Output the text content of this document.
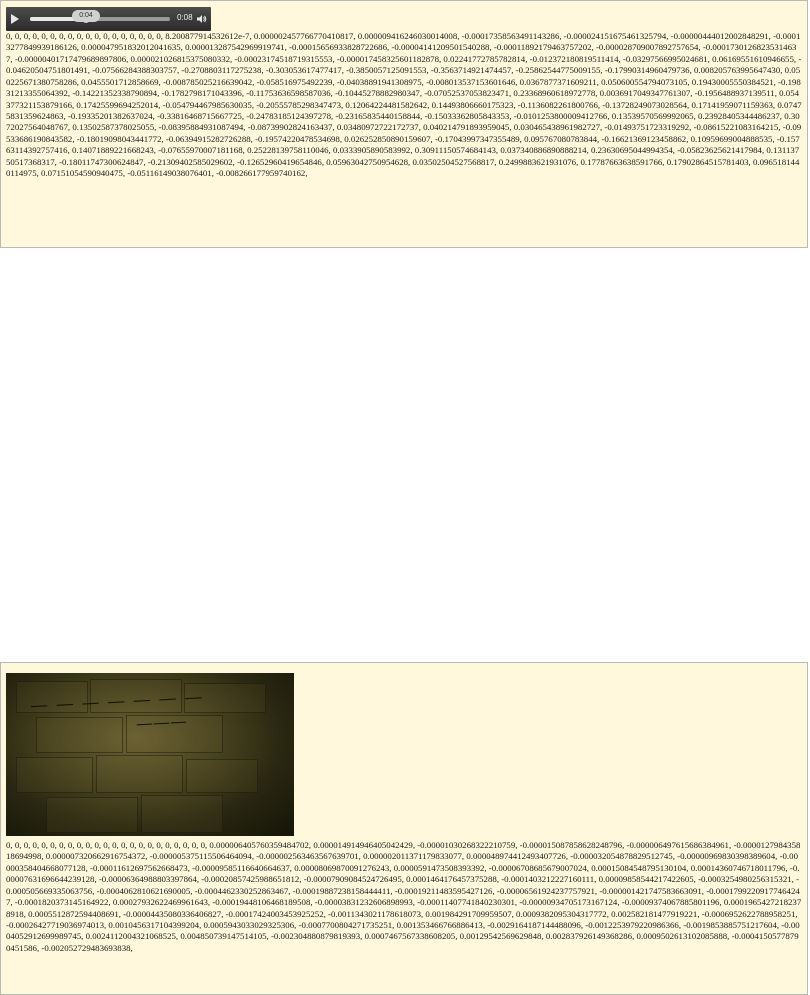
0:04	0:08

0, 0, 0, 0, 0, 0, 0, 0, 0, 0, 0, 0, 0, 0, 0, 0, 0, 0, 8.200877914532612e-7, 0.000002457766770410817, 0.000009416246030014008, -0.00017358563491143286, -0.000024151675461325794, -0.00000444012002848291, -0.00013277849939186126, 0.000047951832012041635, 0.000013287542969919741, -0.00015656933828722686, -0.00004141209501540288, -0.00011892179463757202, -0.000028709007892757654, -0.00017301268235314637, -0.00000401717479689897806, 0.000021026815375080332, -0.00023174518719315553, -0.000017458325601182878, 0.02241772785782814, -0.012372180819511414, -0.03297566995024681, 0.06169551610946655, -0.04620504751801491, -0.07566284388303757, -0.2708803117275238, -0.303053617477417, -0.3850057125091553, -0.3563714921474457, -0.25862544775009155, -0.17990314960479736, 0.008205763995647430, 0.050225671380758286, 0.0455501712858669, -0.00878502521663904​2, -0.058516975492239, -0.04038891941308975, -0.008013537153601646, 0.0367877371609211, 0.050600554794073105, 0.19430005550384521, -0.19831213355064392, -0.14221352338790894, -0.1782798171043396, -0.11753636598587036, -0.10445278882980347, -0.07052537053823471, 0.23368960618972778, 0.003691704934776130​7, -0.1956488937139511, 0.05437732115387916​6, 0.17425599694252014, -0.054794467985630035, -0.20555785298347473, 0.12064224481582642, 0.14493806660175323, -0.1136082261800766, -0.13728249073028564, 0.17141959071159363, 0.07475831359624863, -0.19335201382637024, -0.33816468715667725, -0.24783185124397278, -0.23165835440158844, -0.15033362805843353, -0.010125380000941276​6, 0.13539570569992065, 0.23928405344486237, 0.3072027564048767, 0.13502587378025055, -0.08395884931087494, -0.08739902824163437, 0.03480972722172737, 0.040214791893959045, 0.030465438961982727, -0.01493751723319292, -0.08615221083164215, -0.09533686190843582, -0.1801909804344177​2, -0.06394915282726288, -0.19574220478534698, 0.026252850890159607, -0.17043997347355489, 0.095767080783844, -0.16621369123458862, 0.10959699004888535, -0.15763114392757416, 0.14071889221668243, -0.07655970007181168, 0.25228139758110046, 0.0333905890583992, 0.30911150574684143, 0.037340886890888214, 0.23630695044994354, -0.05823625621417984, 0.13113750517368317, -0.18011747300624847, -0.21309402585029602, -0.12652960419654846, 0.05963042750954628, 0.03502504527568817, 0.2499883621931076, 0.17787663638591766, 0.17902864515781403, 0.0965181440114975, 0.07151054590940475, -0.0511614903807640​1, -0.008266177959740162,

— — — — — — —
———

0, 0, 0, 0, 0, 0, 0, 0, 0, 0, 0, 0, 0, 0, 0, 0, 0, 0, 0, 0, 0, 0, 0, 0.000006405760359484702, 0.00001491494640504242​9, -0.0000103026832221075​9, -0.000015087858628248796, -0.00000649761568638496​1, -0.00001279843581869499​8, 0.000007320662916754372, -0.00000537511550646409​4, -0.000002563463567639701, 0.000002011371179833077, 0.000048974412493407726, -0.000032054878829512745, -0.00000969830398389604, -0.000003584046680771​28, -0.0001161269756266847​3, -0.00009585116640664637, 0.000080698700912762​43, 0.000059147350839339​2, -0.0000670868567900702​4, 0.0001508454879513010​4, 0.00014360746718011796, -0.00007631696644239128, -0.000063649888033978​64, -0.00020857425988651812, -0.000079090845247264​95, 0.0001464176457375288, -0.00014032122271601​11, 0.00009858544217422605, -0.0003254980256315321, -0.0005056693350637​56, -0.00040628106216900​05, -0.00044623302528634​67, -0.0001988723815844441​1, -0.00019211483595427126, -0.000065619242377579​21, -0.000001421747583663091, -0.00017992209177464247, -0.0001820373145164922, 0.000279326224699616​43, -0.00019448106468189508, -0.000038312326068989​93, -0.00011407741840230301, -0.0000093470517316712​4, -0.00009374067885801196, 0.0001965427218237891​8, 0.0005512872594408691, -0.000044350803364068​27, -0.00017424003453925252, -0.001134302117861807​3, 0.001984291709959507, 0.000938209530431777​2, 0.002582181477919221, -0.000695262278895825​1, -0.00026427719036974013, 0.0010456317104399204, 0.000594303302932530​6, -0.00077008042717352​51, 0.001353466766886413, -0.002916418714448809​6, -0.001225397922098636​6, -0.001985388575121760​4, -0.00040529126999897​45, 0.0024112004321068525, 0.004850739147514105, -0.002304880879819393, 0.0007467567338608205, 0.0012954256962984​8, 0.002837926149368286, 0.000950261310208588​8, -0.00041505778790451586, -0.0020527294836938​38,
